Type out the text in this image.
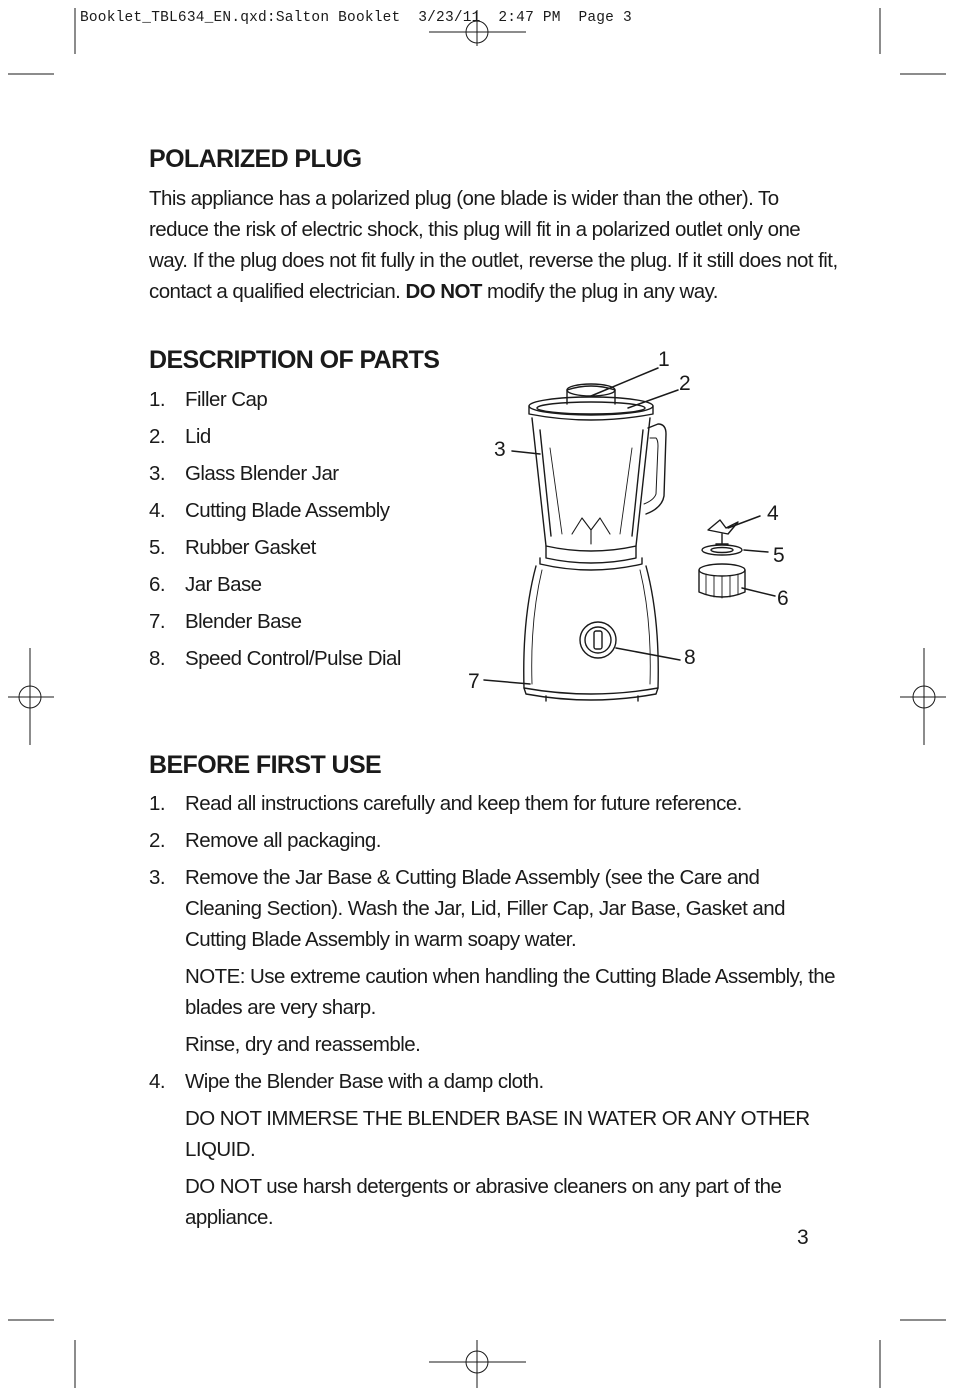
Booklet_TBL634_EN.qxd:Salton Booklet  3/23/11  2:47 PM  Page 3
POLARIZED PLUG

This appliance has a polarized plug (one blade is wider than the other). To reduce the risk of electric shock, this plug will fit in a polarized outlet only one way. If the plug does not fit fully in the outlet, reverse the plug. If it still does not fit, contact a qualified electrician. DO NOT modify the plug in any way.

DESCRIPTION OF PARTS
1. Filler Cap
2. Lid
3. Glass Blender Jar
4. Cutting Blade Assembly
5. Rubber Gasket
6. Jar Base
7. Blender Base
8. Speed Control/Pulse Dial
1
2
3
4
5
6
7
8
BEFORE FIRST USE
1. Read all instructions carefully and keep them for future reference.
2. Remove all packaging.
3. Remove the Jar Base & Cutting Blade Assembly (see the Care and Cleaning Section). Wash the Jar, Lid, Filler Cap, Jar Base, Gasket and Cutting Blade Assembly in warm soapy water.
NOTE: Use extreme caution when handling the Cutting Blade Assembly, the blades are very sharp.
Rinse, dry and reassemble.
4. Wipe the Blender Base with a damp cloth.
DO NOT IMMERSE THE BLENDER BASE IN WATER OR ANY OTHER LIQUID.
DO NOT use harsh detergents or abrasive cleaners on any part of the appliance.
3
